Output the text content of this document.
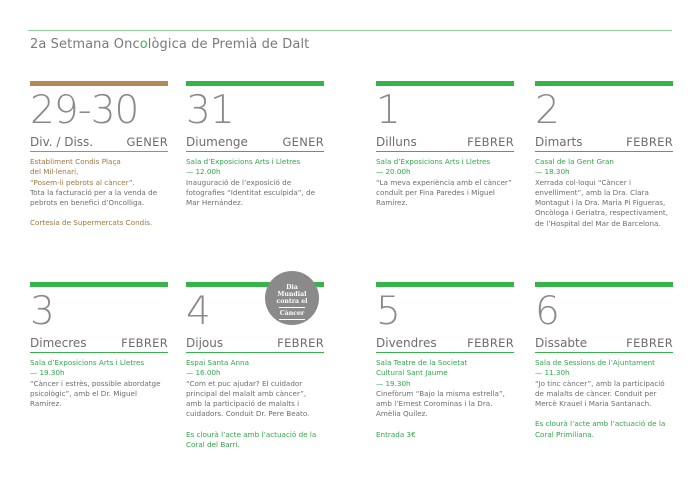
2a Setmana Oncològica de Premià de Dalt
29-30
Div. / Diss.	GENER
Establiment Condis Plaça
del Mil·lenari,
“Posem-li pebrots al càncer”.
Tota la facturació per a la venda de pebrots en benefici d’Oncolliga.
Cortesia de Supermercats Condis.
31
Diumenge	GENER
Sala d’Exposicions Arts i Lletres
— 12.00h
Inauguració de l’exposició de fotografies “Identitat esculpida”, de Mar Hernández.
1
Dilluns	FEBRER
Sala d’Exposicions Arts i Lletres
— 20.00h
“La meva experiència amb el càncer” conduït per Fina Paredes i Miguel Ramírez.
2
Dimarts	FEBRER
Casal de la Gent Gran
— 18.30h
Xerrada col·loqui “Càncer i envelliment”, amb la Dra. Clara Montagut i la Dra. Maria Pi Figueras, Oncòloga i Geriatra, respectivament, de l’Hospital del Mar de Barcelona.
3
Dimecres	FEBRER
Sala d’Exposicions Arts i Lletres
— 19.30h
“Càncer i estrès, possible abordatge psicològic”, amb el Dr. Miguel Ramírez.
4
Dijous	FEBRER
Espai Santa Anna
— 16.00h
“Com et puc ajudar? El cuidador principal del malalt amb càncer”, amb la participació de malalts i cuidadors. Conduit Dr. Pere Beato.
Es clourà l’acte amb l’actuació de la Coral del Barri.
5
Divendres	FEBRER
Sala Teatre de la Societat
Cultural Sant Jaume
— 19.30h
Cinefòrum “Bajo la misma estrella”, amb l’Ernest Corominas i la Dra. Amèlia Quílez.
Entrada 3€
6
Dissabte	FEBRER
Sala de Sessions de l’Ajuntament
— 11.30h
“Jo tinc càncer”, amb la participació de malalts de càncer. Conduit per Mercè Krauel i Maria Santanach.
Es clourà l’acte amb l’actuació de la Coral Primiliana.
Dia
Mundial
contra el
Càncer
